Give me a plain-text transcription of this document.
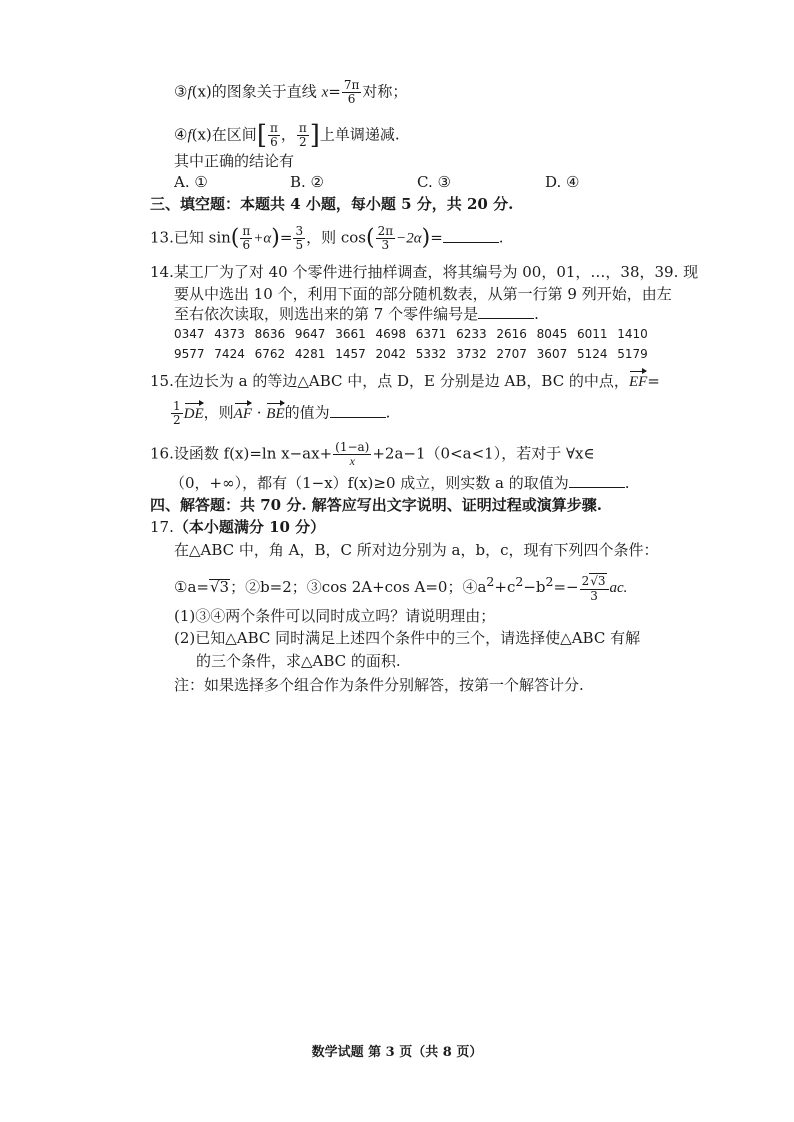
③f(x)的图象关于直线 $x= \frac{7\pi}{6}$ 对称；
④f(x)在区间[ $\frac{\pi}{6}$ ， $\frac{\pi}{2}$ ]上单调递减.
其中正确的结论有
A. ①	B. ②	C. ③	D. ④
三、填空题：本题共 4 小题，每小题 5 分，共 20 分.
13.已知 $\sin( \frac{\pi}{6} +\alpha)= \frac{3}{5}$ ，则 $\cos( \frac{2\pi}{3} -2\alpha)=$	.
14.某工厂为了对 40 个零件进行抽样调查，将其编号为 00，01，…，38，39. 现
要从中选出 10 个，利用下面的部分随机数表，从第一行第 9 列开始，由左
至右依次读取，则选出来的第 7 个零件编号是	.
0347 4373 8636 9647 3661 4698 6371 6233 2616 8045 6011 1410
9577 7424 6762 4281 1457 2042 5332 3732 2707 3607 5124 5179
15.在边长为 a 的等边△ABC 中，点 D，E 分别是边 AB，BC 的中点，EF=
$\frac{1}{2}$ DE，则AF · BE的值为	.
16.设函数 f(x)=ln $x-ax+ \frac{(1-a)}{x} +2a-1(0<a<1)$，若对于 ∀x∈
（0，+∞），都有（1−x）f(x)≥0 成立，则实数 a 的取值为	.
四、解答题：共 70 分. 解答应写出文字说明、证明过程或演算步骤.
17.（本小题满分 10 分）
在△ABC 中，角 A，B，C 所对边分别为 a，b，c，现有下列四个条件：
①a=√3；②b=2；③cos 2A+cos A=0；$④a^2+c^2-b^2=- \frac{2√3}{3}$ ac.
(1)③④两个条件可以同时成立吗？请说明理由；
(2)已知△ABC 同时满足上述四个条件中的三个，请选择使△ABC 有解
的三个条件，求△ABC 的面积.
注：如果选择多个组合作为条件分别解答，按第一个解答计分.
数学试题 第 3 页（共 8 页）
